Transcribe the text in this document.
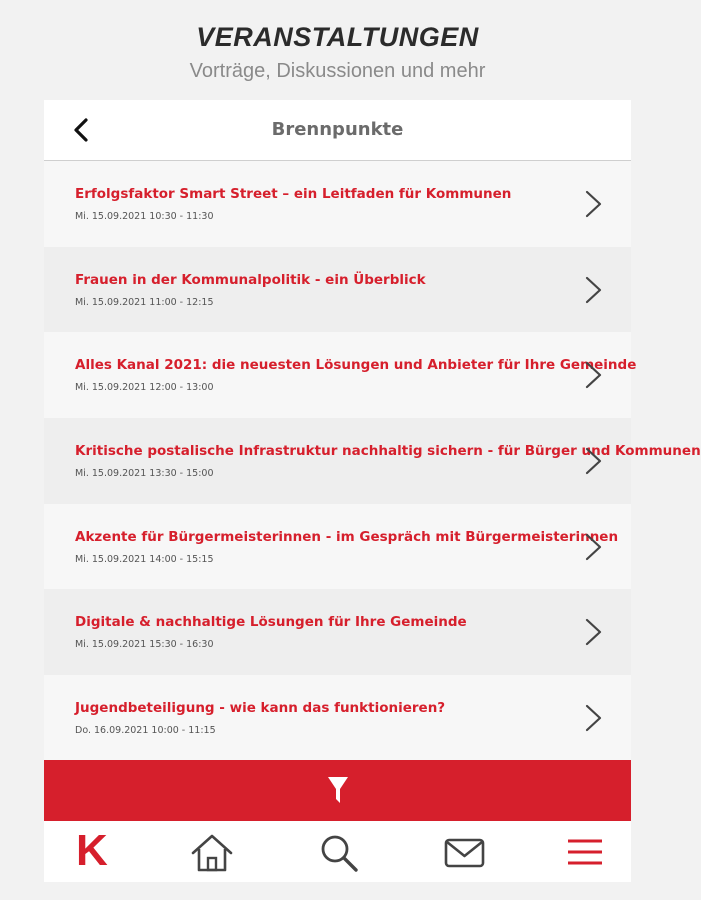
VERANSTALTUNGEN
Vorträge, Diskussionen und mehr
Brennpunkte
Erfolgsfaktor Smart Street – ein Leitfaden für Kommunen
Mi. 15.09.2021 10:30 - 11:30
Frauen in der Kommunalpolitik - ein Überblick
Mi. 15.09.2021 11:00 - 12:15
Alles Kanal 2021: die neuesten Lösungen und Anbieter für Ihre Gemeinde
Mi. 15.09.2021 12:00 - 13:00
Kritische postalische Infrastruktur nachhaltig sichern - für Bürger und Kommunen
Mi. 15.09.2021 13:30 - 15:00
Akzente für Bürgermeisterinnen - im Gespräch mit Bürgermeisterinnen
Mi. 15.09.2021 14:00 - 15:15
Digitale & nachhaltige Lösungen für Ihre Gemeinde
Mi. 15.09.2021 15:30 - 16:30
Jugendbeteiligung - wie kann das funktionieren?
Do. 16.09.2021 10:00 - 11:15
K
